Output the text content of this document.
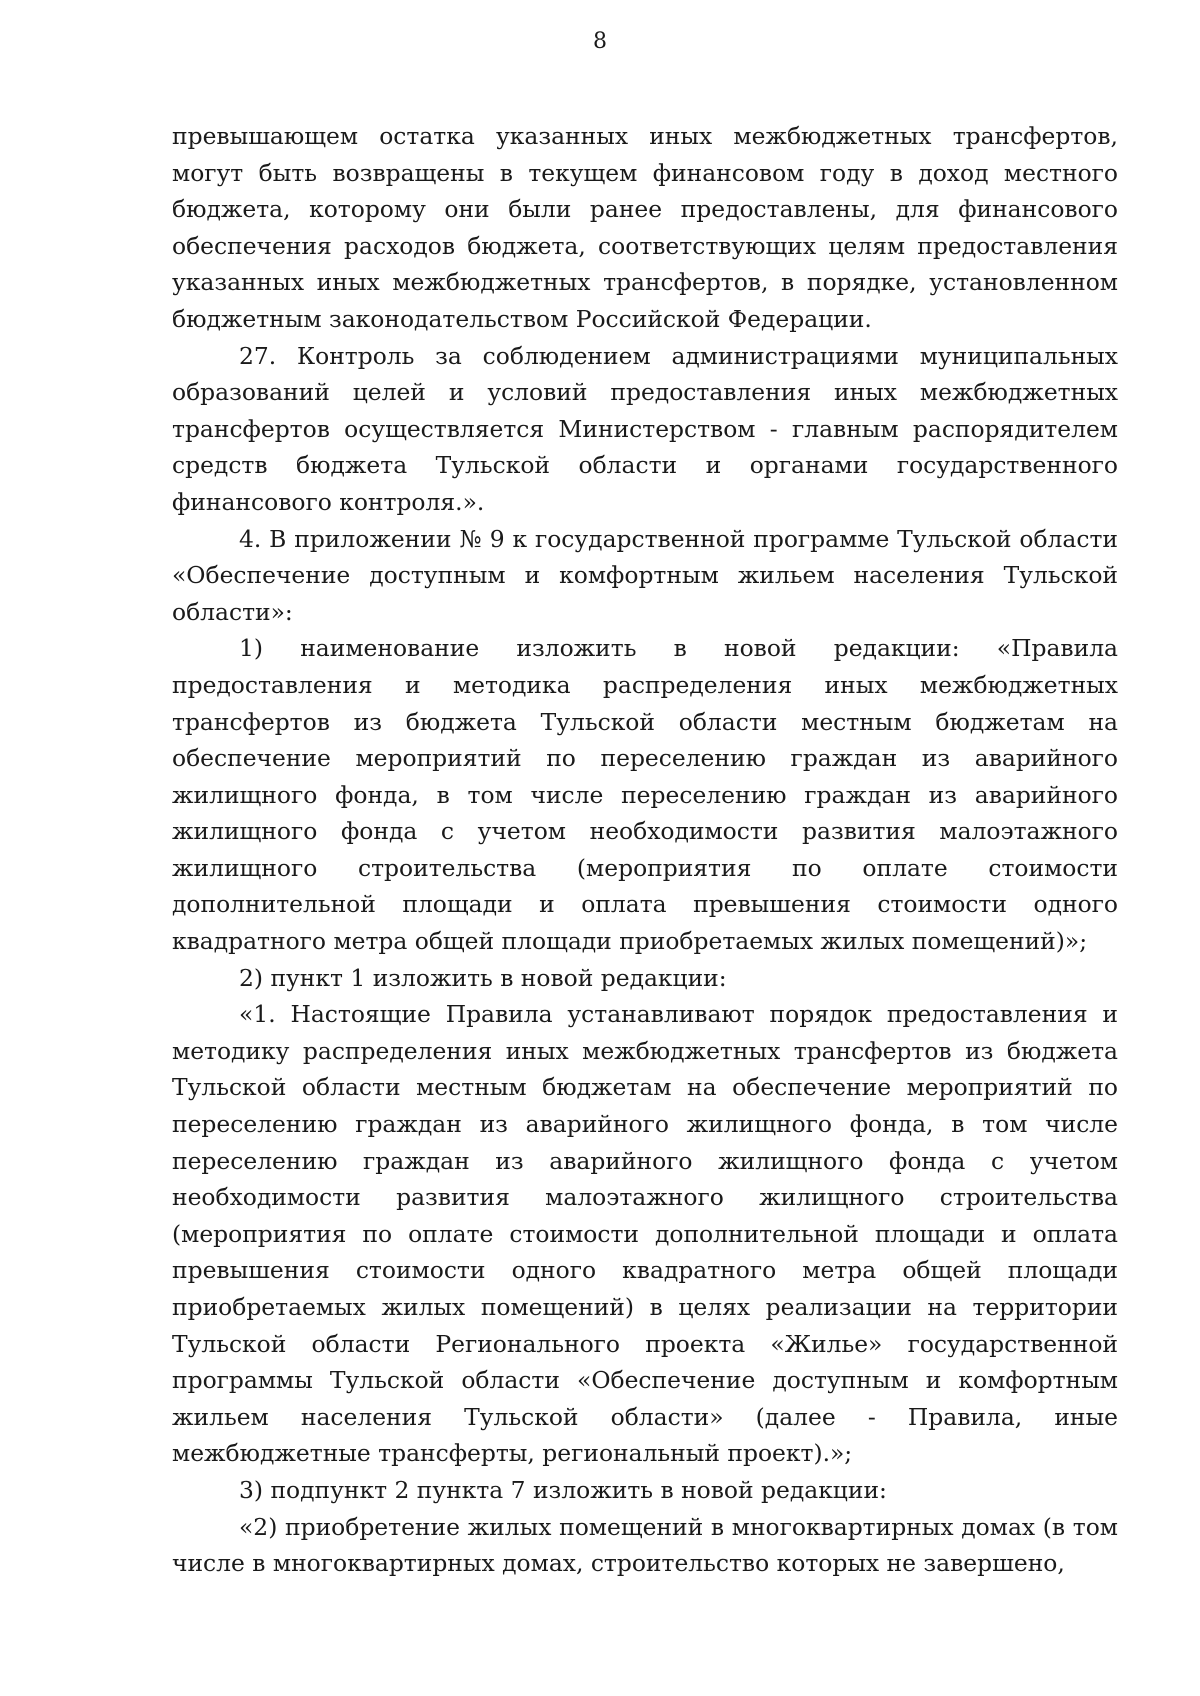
8

превышающем остатка указанных иных межбюджетных трансфертов, могут быть возвращены в текущем финансовом году в доход местного бюджета, которому они были ранее предоставлены, для финансового обеспечения расходов бюджета, соответствующих целям предоставления указанных иных межбюджетных трансфертов, в порядке, установленном бюджетным законодательством Российской Федерации.

27. Контроль за соблюдением администрациями муниципальных образований целей и условий предоставления иных межбюджетных трансфертов осуществляется Министерством - главным распорядителем средств бюджета Тульской области и органами государственного финансового контроля.».

4. В приложении № 9 к государственной программе Тульской области «Обеспечение доступным и комфортным жильем населения Тульской области»:

1) наименование изложить в новой редакции: «Правила предоставления и методика распределения иных межбюджетных трансфертов из бюджета Тульской области местным бюджетам на обеспечение мероприятий по переселению граждан из аварийного жилищного фонда, в том числе переселению граждан из аварийного жилищного фонда с учетом необходимости развития малоэтажного жилищного строительства (мероприятия по оплате стоимости дополнительной площади и оплата превышения стоимости одного квадратного метра общей площади приобретаемых жилых помещений)»;

2) пункт 1 изложить в новой редакции:

«1. Настоящие Правила устанавливают порядок предоставления и методику распределения иных межбюджетных трансфертов из бюджета Тульской области местным бюджетам на обеспечение мероприятий по переселению граждан из аварийного жилищного фонда, в том числе переселению граждан из аварийного жилищного фонда с учетом необходимости развития малоэтажного жилищного строительства (мероприятия по оплате стоимости дополнительной площади и оплата превышения стоимости одного квадратного метра общей площади приобретаемых жилых помещений) в целях реализации на территории Тульской области Регионального проекта «Жилье» государственной программы Тульской области «Обеспечение доступным и комфортным жильем населения Тульской области» (далее - Правила, иные межбюджетные трансферты, региональный проект).»;

3) подпункт 2 пункта 7 изложить в новой редакции:

«2) приобретение жилых помещений в многоквартирных домах (в том числе в многоквартирных домах, строительство которых не завершено,
